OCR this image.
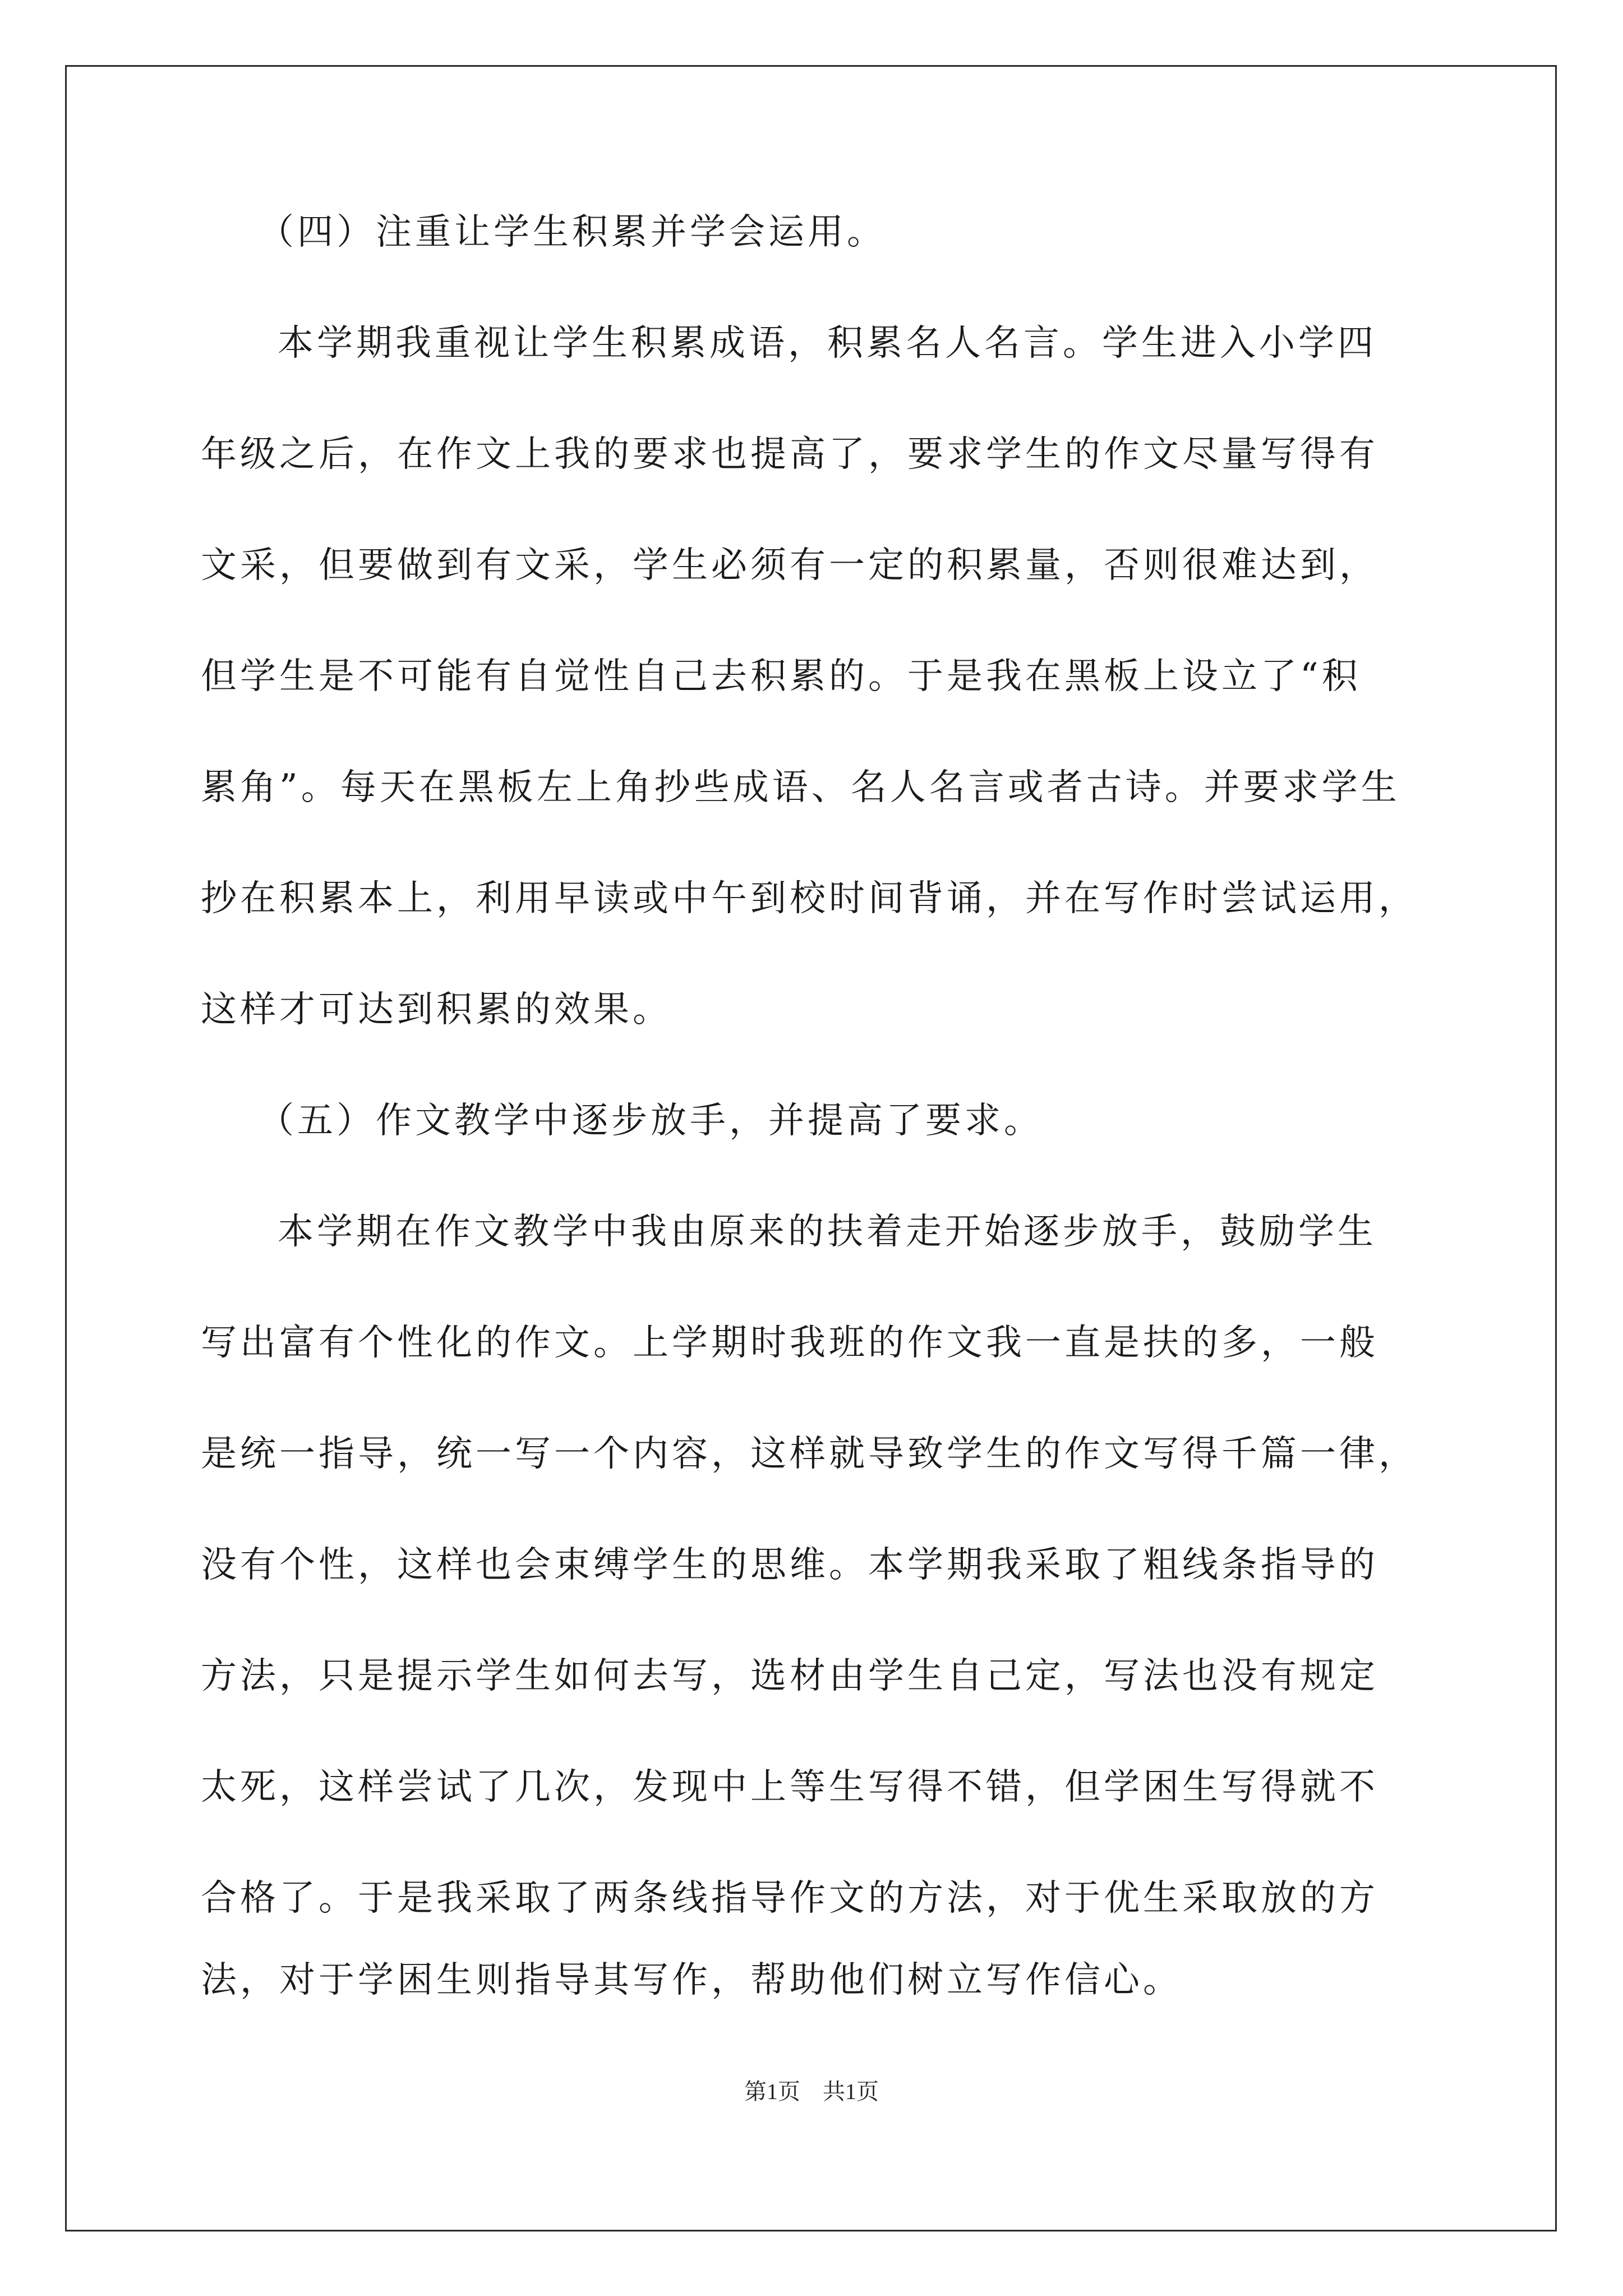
（四）注重让学生积累并学会运用。
本学期我重视让学生积累成语，积累名人名言。学生进入小学四
年级之后，在作文上我的要求也提高了，要求学生的作文尽量写得有
文采，但要做到有文采，学生必须有一定的积累量，否则很难达到，
但学生是不可能有自觉性自己去积累的。于是我在黑板上设立了“积
累角”。每天在黑板左上角抄些成语、名人名言或者古诗。并要求学生
抄在积累本上，利用早读或中午到校时间背诵，并在写作时尝试运用，
这样才可达到积累的效果。
（五）作文教学中逐步放手，并提高了要求。
本学期在作文教学中我由原来的扶着走开始逐步放手，鼓励学生
写出富有个性化的作文。上学期时我班的作文我一直是扶的多，一般
是统一指导，统一写一个内容，这样就导致学生的作文写得千篇一律，
没有个性，这样也会束缚学生的思维。本学期我采取了粗线条指导的
方法，只是提示学生如何去写，选材由学生自己定，写法也没有规定
太死，这样尝试了几次，发现中上等生写得不错，但学困生写得就不
合格了。于是我采取了两条线指导作文的方法，对于优生采取放的方
法，对于学困生则指导其写作，帮助他们树立写作信心。
第1页　共1页
